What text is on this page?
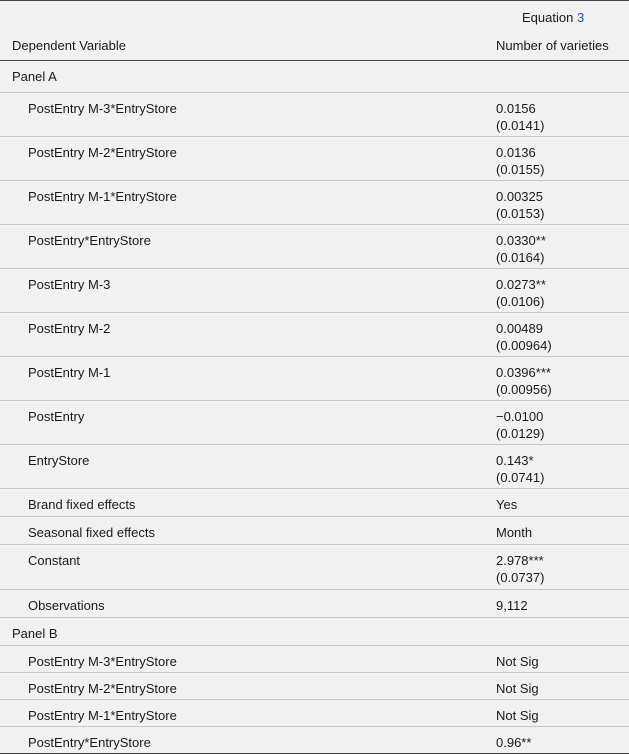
Equation 3
Dependent Variable	Number of varieties
Panel A
PostEntry M-3*EntryStore	0.0156
(0.0141)
PostEntry M-2*EntryStore	0.0136
(0.0155)
PostEntry M-1*EntryStore	0.00325
(0.0153)
PostEntry*EntryStore	0.0330**
(0.0164)
PostEntry M-3	0.0273**
(0.0106)
PostEntry M-2	0.00489
(0.00964)
PostEntry M-1	0.0396***
(0.00956)
PostEntry	−0.0100
(0.0129)
EntryStore	0.143*
(0.0741)
Brand fixed effects	Yes
Seasonal fixed effects	Month
Constant	2.978***
(0.0737)
Observations	9,112
Panel B
PostEntry M-3*EntryStore	Not Sig
PostEntry M-2*EntryStore	Not Sig
PostEntry M-1*EntryStore	Not Sig
PostEntry*EntryStore	0.96**
